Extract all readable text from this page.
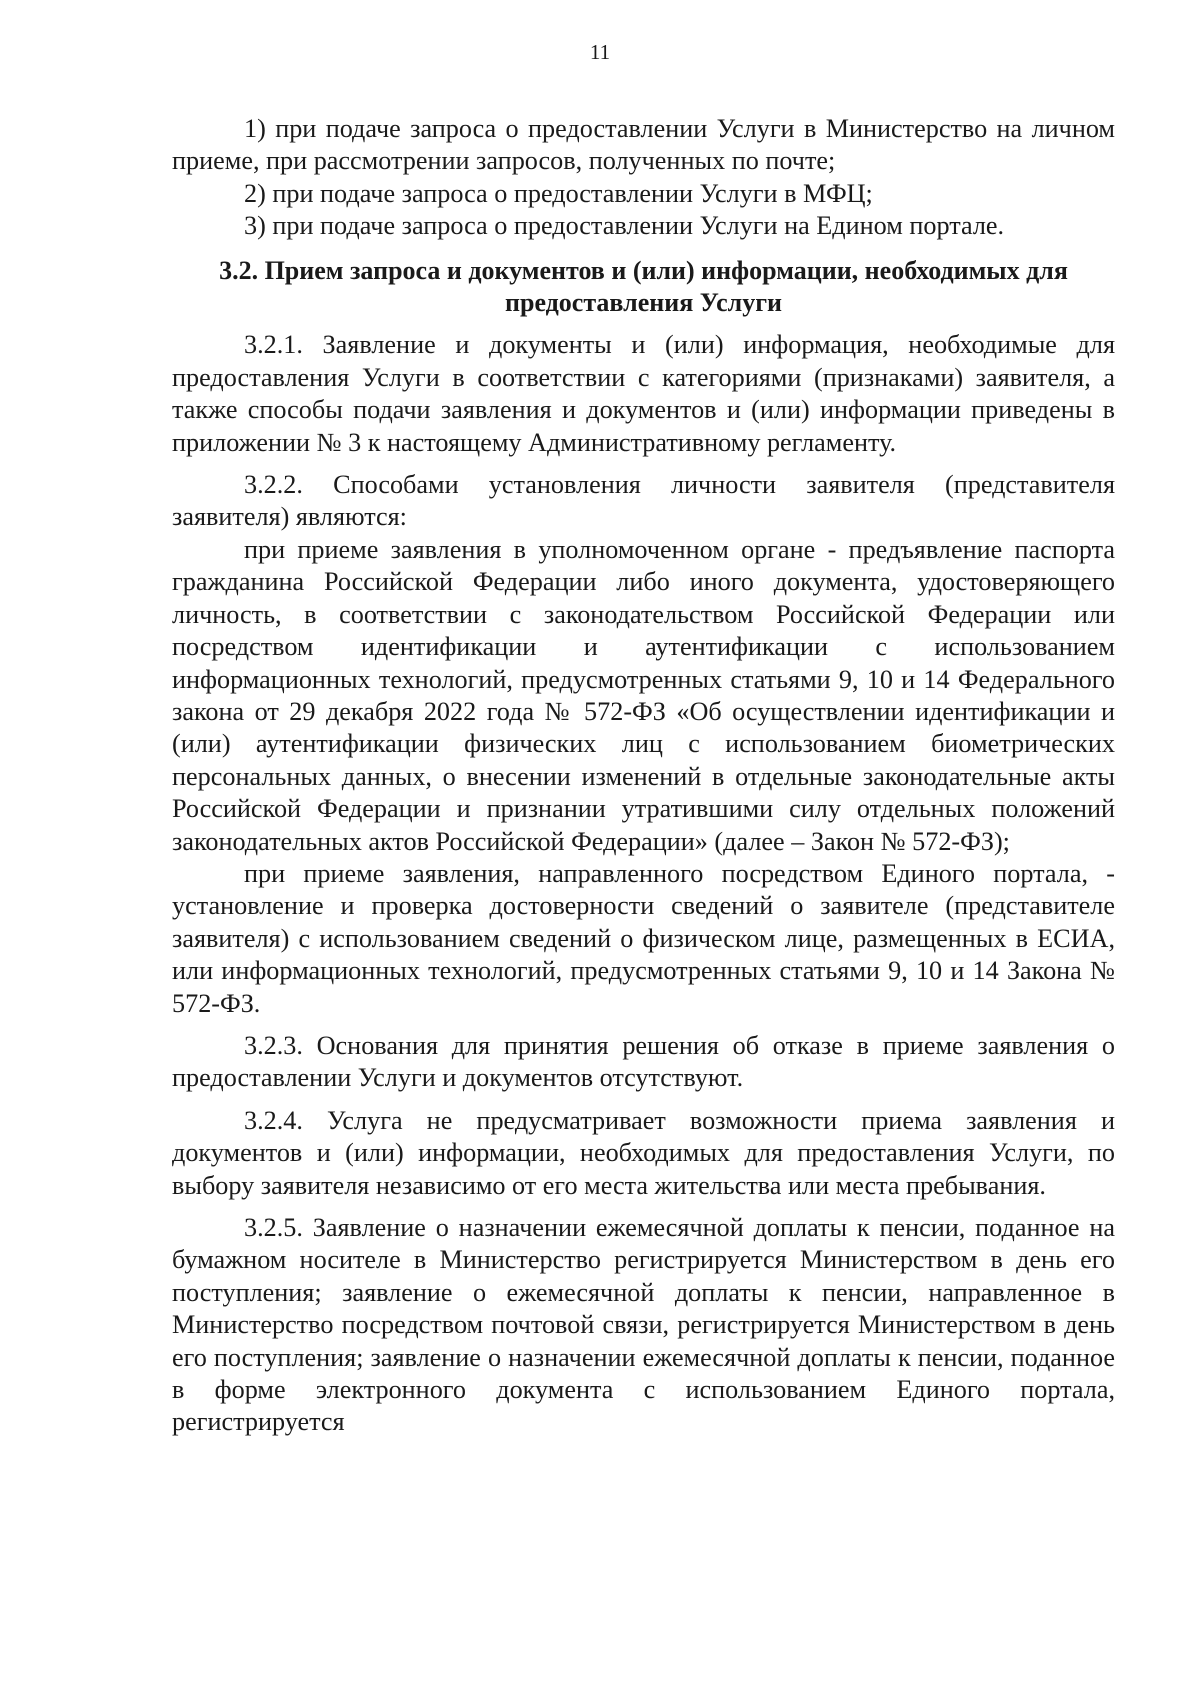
11

1) при подаче запроса о предоставлении Услуги в Министерство на личном приеме, при рассмотрении запросов, полученных по почте;

2) при подаче запроса о предоставлении Услуги в МФЦ;

3) при подаче запроса о предоставлении Услуги на Едином портале.

3.2. Прием запроса и документов и (или) информации, необходимых для
предоставления Услуги

3.2.1. Заявление и документы и (или) информация, необходимые для предоставления Услуги в соответствии с категориями (признаками) заявителя, а также способы подачи заявления и документов и (или) информации приведены в приложении № 3 к настоящему Административному регламенту.

3.2.2. Способами установления личности заявителя (представителя заявителя) являются:

при приеме заявления в уполномоченном органе - предъявление паспорта гражданина Российской Федерации либо иного документа, удостоверяющего личность, в соответствии с законодательством Российской Федерации или посредством идентификации и аутентификации с использованием информационных технологий, предусмотренных статьями 9, 10 и 14 Федерального закона от 29 декабря 2022 года № 572-ФЗ «Об осуществлении идентификации и (или) аутентификации физических лиц с использованием биометрических персональных данных, о внесении изменений в отдельные законодательные акты Российской Федерации и признании утратившими силу отдельных положений законодательных актов Российской Федерации» (далее – Закон № 572-ФЗ);

при приеме заявления, направленного посредством Единого портала, - установление и проверка достоверности сведений о заявителе (представителе заявителя) с использованием сведений о физическом лице, размещенных в ЕСИА, или информационных технологий, предусмотренных статьями 9, 10 и 14 Закона № 572-ФЗ.

3.2.3. Основания для принятия решения об отказе в приеме заявления о предоставлении Услуги и документов отсутствуют.

3.2.4. Услуга не предусматривает возможности приема заявления и документов и (или) информации, необходимых для предоставления Услуги, по выбору заявителя независимо от его места жительства или места пребывания.

3.2.5. Заявление о назначении ежемесячной доплаты к пенсии, поданное на бумажном носителе в Министерство регистрируется Министерством в день его поступления; заявление о ежемесячной доплаты к пенсии, направленное в Министерство посредством почтовой связи, регистрируется Министерством в день его поступления; заявление о назначении ежемесячной доплаты к пенсии, поданное в форме электронного документа с использованием Единого портала, регистрируется
